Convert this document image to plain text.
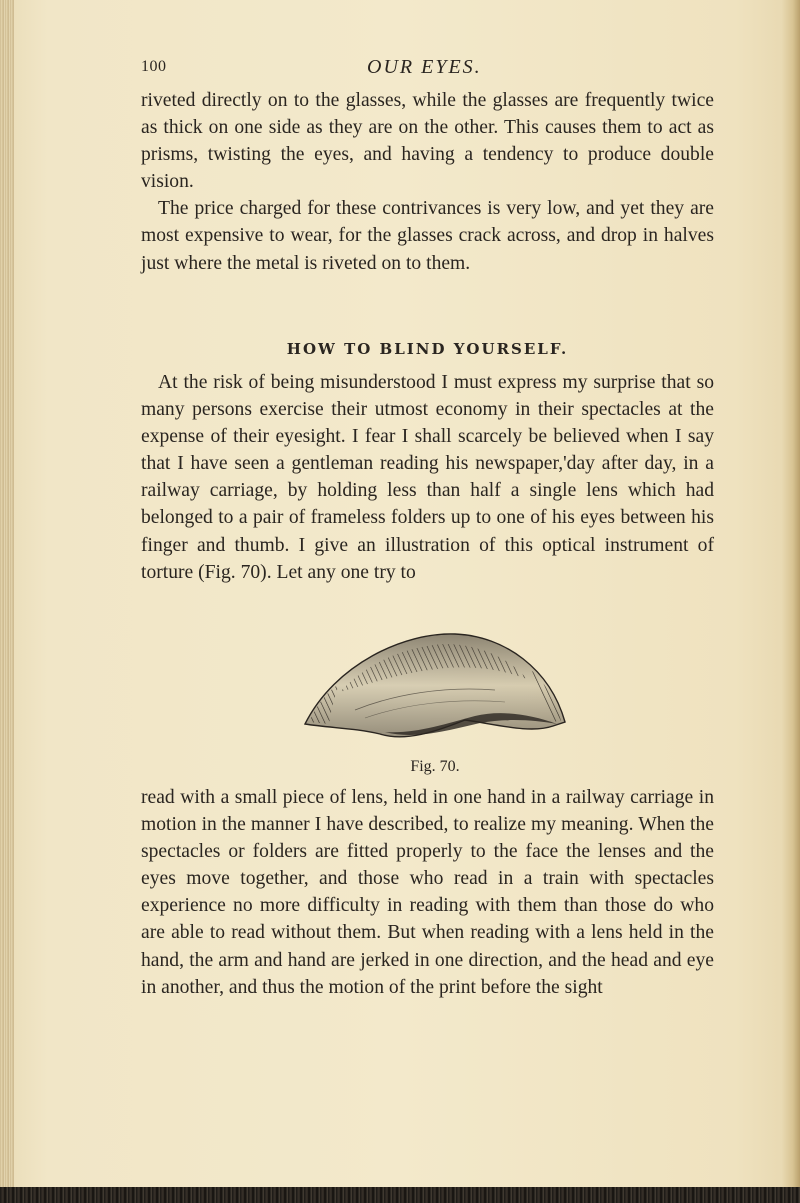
100	OUR EYES.

riveted directly on to the glasses, while the glasses are frequently twice as thick on one side as they are on the other. This causes them to act as prisms, twisting the eyes, and having a tendency to produce double vision.

The price charged for these contrivances is very low, and yet they are most expensive to wear, for the glasses crack across, and drop in halves just where the metal is riveted on to them.

HOW TO BLIND YOURSELF.

At the risk of being misunderstood I must express my surprise that so many persons exercise their utmost economy in their spectacles at the expense of their eyesight. I fear I shall scarcely be believed when I say that I have seen a gentleman reading his newspaper,'day after day, in a railway carriage, by holding less than half a single lens which had belonged to a pair of frameless folders up to one of his eyes between his finger and thumb. I give an illustration of this optical instrument of torture (Fig. 70). Let any one try to

Fig. 70.

read with a small piece of lens, held in one hand in a railway carriage in motion in the manner I have described, to realize my meaning. When the spectacles or folders are fitted properly to the face the lenses and the eyes move together, and those who read in a train with spectacles experience no more difficulty in reading with them than those do who are able to read without them. But when reading with a lens held in the hand, the arm and hand are jerked in one direction, and the head and eye in another, and thus the motion of the print before the sight
